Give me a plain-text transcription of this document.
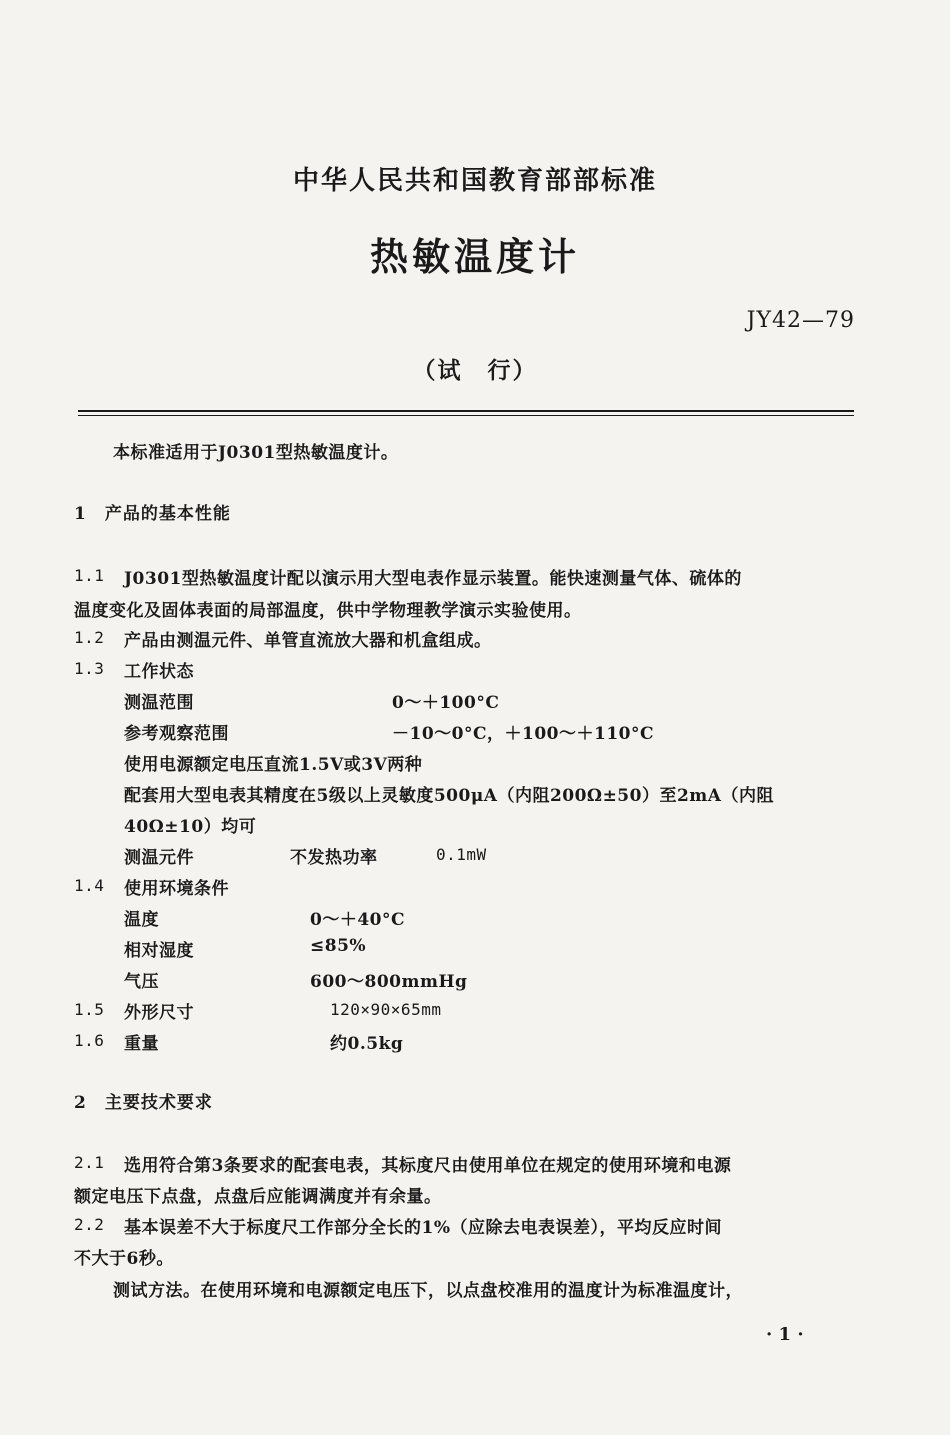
中华人民共和国教育部部标准
热敏温度计
JY42—79
（试　行）
本标准适用于J0301型热敏温度计。
1　产品的基本性能
1.1 J0301型热敏温度计配以演示用大型电表作显示装置。能快速测量气体、硫体的
温度变化及固体表面的局部温度，供中学物理教学演示实验使用。
1.2 产品由测温元件、单管直流放大器和机盒组成。
1.3 工作状态
测温范围	0～＋100°C
参考观察范围	－10～0°C，＋100～＋110°C
使用电源额定电压直流1.5V或3V两种
配套用大型电表其精度在5级以上灵敏度500μA（内阻200Ω±50）至2mA（内阻
40Ω±10）均可
测温元件	不发热功率	0.1mW
1.4 使用环境条件
温度	0～＋40°C
相对湿度	≤85%
气压	600～800mmHg
1.5 外形尺寸	120×90×65mm
1.6 重量	约0.5kg
2　主要技术要求
2.1 选用符合第3条要求的配套电表，其标度尺由使用单位在规定的使用环境和电源
额定电压下点盘，点盘后应能调满度并有余量。
2.2 基本误差不大于标度尺工作部分全长的1%（应除去电表误差），平均反应时间
不大于6秒。
测试方法。在使用环境和电源额定电压下，以点盘校准用的温度计为标准温度计，
· 1 ·
